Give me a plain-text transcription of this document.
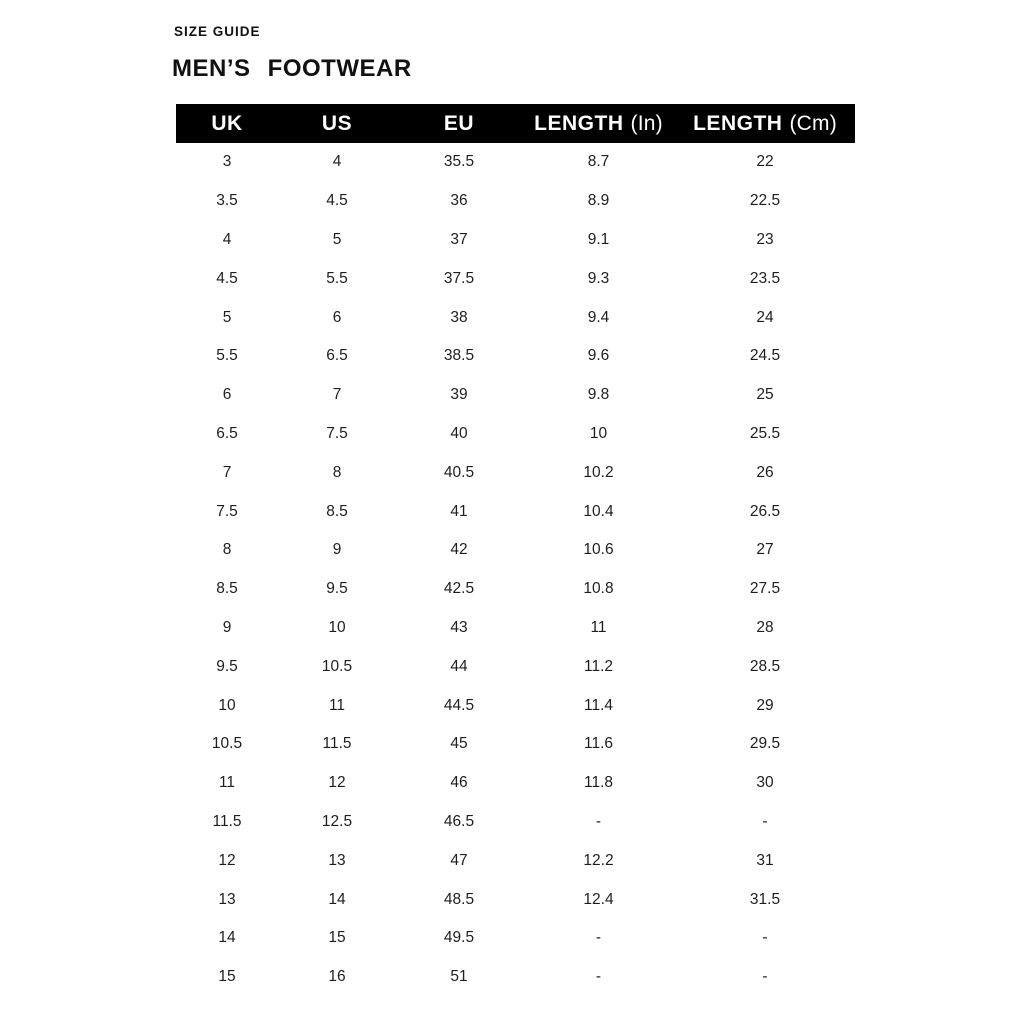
SIZE GUIDE
MEN’S FOOTWEAR
UK	US	EU	LENGTH (In)	LENGTH (Cm)
3	4	35.5	8.7	22
3.5	4.5	36	8.9	22.5
4	5	37	9.1	23
4.5	5.5	37.5	9.3	23.5
5	6	38	9.4	24
5.5	6.5	38.5	9.6	24.5
6	7	39	9.8	25
6.5	7.5	40	10	25.5
7	8	40.5	10.2	26
7.5	8.5	41	10.4	26.5
8	9	42	10.6	27
8.5	9.5	42.5	10.8	27.5
9	10	43	11	28
9.5	10.5	44	11.2	28.5
10	11	44.5	11.4	29
10.5	11.5	45	11.6	29.5
11	12	46	11.8	30
11.5	12.5	46.5	-	-
12	13	47	12.2	31
13	14	48.5	12.4	31.5
14	15	49.5	-	-
15	16	51	-	-
